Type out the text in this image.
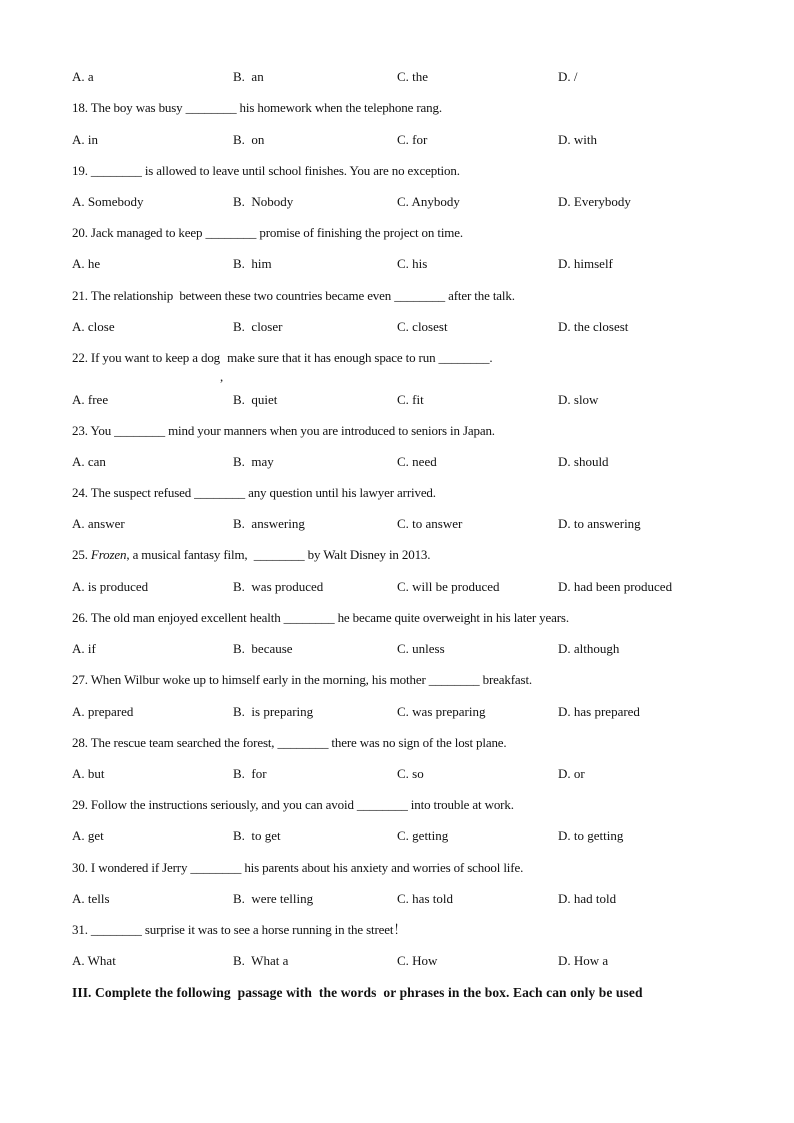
A. a	B.  an	C. the	D. /
18. The boy was busy ________ his homework when the telephone rang.
A. in	B.  on	C. for	D. with
19. ________ is allowed to leave until school finishes. You are no exception.
A. Somebody	B.  Nobody	C. Anybody	D. Everybody
20. Jack managed to keep ________ promise of finishing the project on time.
A. he	B.  him	C. his	D. himself
21. The relationship  between these two countries became even ________ after the talk.
A. close	B.  closer	C. closest	D. the closest
22. If you want to keep a dog
,
make sure that it has enough space to run ________.
A. free	B.  quiet	C. fit	D. slow
23. You ________ mind your manners when you are introduced to seniors in Japan.
A. can	B.  may	C. need	D. should
24. The suspect refused ________ any question until his lawyer arrived.
A. answer	B.  answering	C. to answer	D. to answering
25. Frozen, a musical fantasy film,  ________ by Walt Disney in 2013.
A. is produced	B.  was produced	C. will be produced	D. had been produced
26. The old man enjoyed excellent health ________ he became quite overweight in his later years.
A. if	B.  because	C. unless	D. although
27. When Wilbur woke up to himself early in the morning, his mother ________ breakfast.
A. prepared	B.  is preparing	C. was preparing	D. has prepared
28. The rescue team searched the forest, ________ there was no sign of the lost plane.
A. but	B.  for	C. so	D. or
29. Follow the instructions seriously, and you can avoid ________ into trouble at work.
A. get	B.  to get	C. getting	D. to getting
30. I wondered if Jerry ________ his parents about his anxiety and worries of school life.
A. tells	B.  were telling	C. has told	D. had told
31. ________ surprise it was to see a horse running in the street！
A. What	B.  What a	C. How	D. How a
III. Complete the following  passage with  the words  or phrases in the box. Each can only be used
